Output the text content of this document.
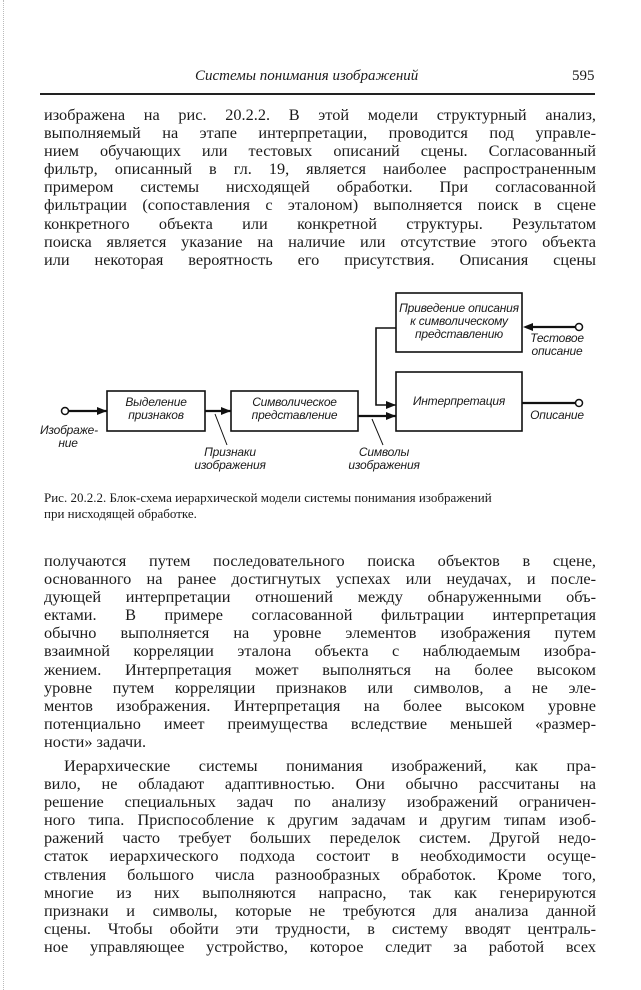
Системы понимания изображений	595
изображена на рис. 20.2.2. В этой модели структурный анализ,
выполняемый на этапе интерпретации, проводится под управле-
нием обучающих или тестовых описаний сцены. Согласованный
фильтр, описанный в гл. 19, является наиболее распространенным
примером системы нисходящей обработки. При согласованной
фильтрации (сопоставления с эталоном) выполняется поиск в сцене
конкретного объекта или конкретной структуры. Результатом
поиска является указание на наличие или отсутствие этого объекта
или некоторая вероятность его присутствия. Описания сцены
Выделение
признаков
Символическое
представление
Интерпретация
Приведение описания
к символическому
представлению
Изображе-
ние
Признаки
изображения
Символы
изображения
Тестовое
описание
Описание
Рис. 20.2.2. Блок-схема иерархической модели системы понимания изображений
при нисходящей обработке.
получаются путем последовательного поиска объектов в сцене,
основанного на ранее достигнутых успехах или неудачах, и после-
дующей интерпретации отношений между обнаруженными объ-
ектами. В примере согласованной фильтрации интерпретация
обычно выполняется на уровне элементов изображения путем
взаимной корреляции эталона объекта с наблюдаемым изобра-
жением. Интерпретация может выполняться на более высоком
уровне путем корреляции признаков или символов, а не эле-
ментов изображения. Интерпретация на более высоком уровне
потенциально имеет преимущества вследствие меньшей «размер-
ности» задачи.
Иерархические системы понимания изображений, как пра-
вило, не обладают адаптивностью. Они обычно рассчитаны на
решение специальных задач по анализу изображений ограничен-
ного типа. Приспособление к другим задачам и другим типам изоб-
ражений часто требует больших переделок систем. Другой недо-
статок иерархического подхода состоит в необходимости осуще-
ствления большого числа разнообразных обработок. Кроме того,
многие из них выполняются напрасно, так как генерируются
признаки и символы, которые не требуются для анализа данной
сцены. Чтобы обойти эти трудности, в систему вводят централь-
ное управляющее устройство, которое следит за работой всех
